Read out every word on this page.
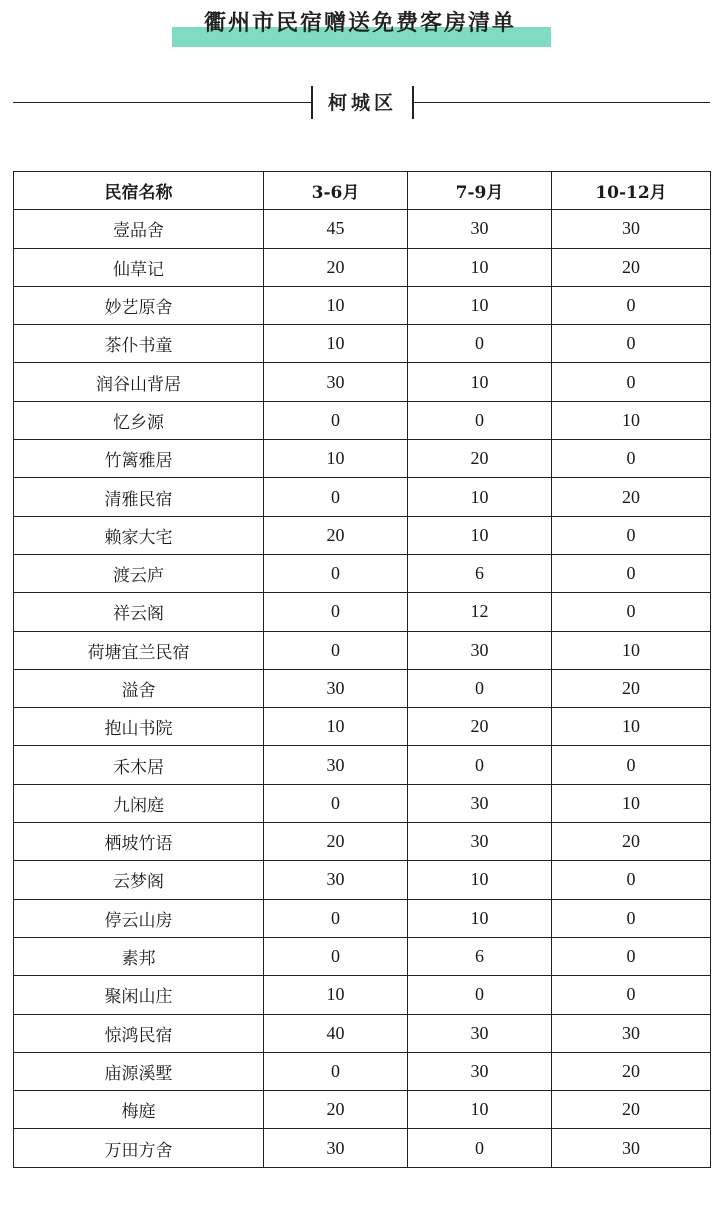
衢州市民宿赠送免费客房清单
柯城区
民宿名称	3-6月	7-9月	10-12月
壹品舍	45	30	30
仙草记	20	10	20
妙艺原舍	10	10	0
茶仆书童	10	0	0
润谷山背居	30	10	0
忆乡源	0	0	10
竹篱雅居	10	20	0
清雅民宿	0	10	20
赖家大宅	20	10	0
渡云庐	0	6	0
祥云阁	0	12	0
荷塘宜兰民宿	0	30	10
溢舍	30	0	20
抱山书院	10	20	10
禾木居	30	0	0
九闲庭	0	30	10
栖坡竹语	20	30	20
云梦阁	30	10	0
停云山房	0	10	0
素邦	0	6	0
聚闲山庄	10	0	0
惊鸿民宿	40	30	30
庙源溪墅	0	30	20
梅庭	20	10	20
万田方舍	30	0	30
